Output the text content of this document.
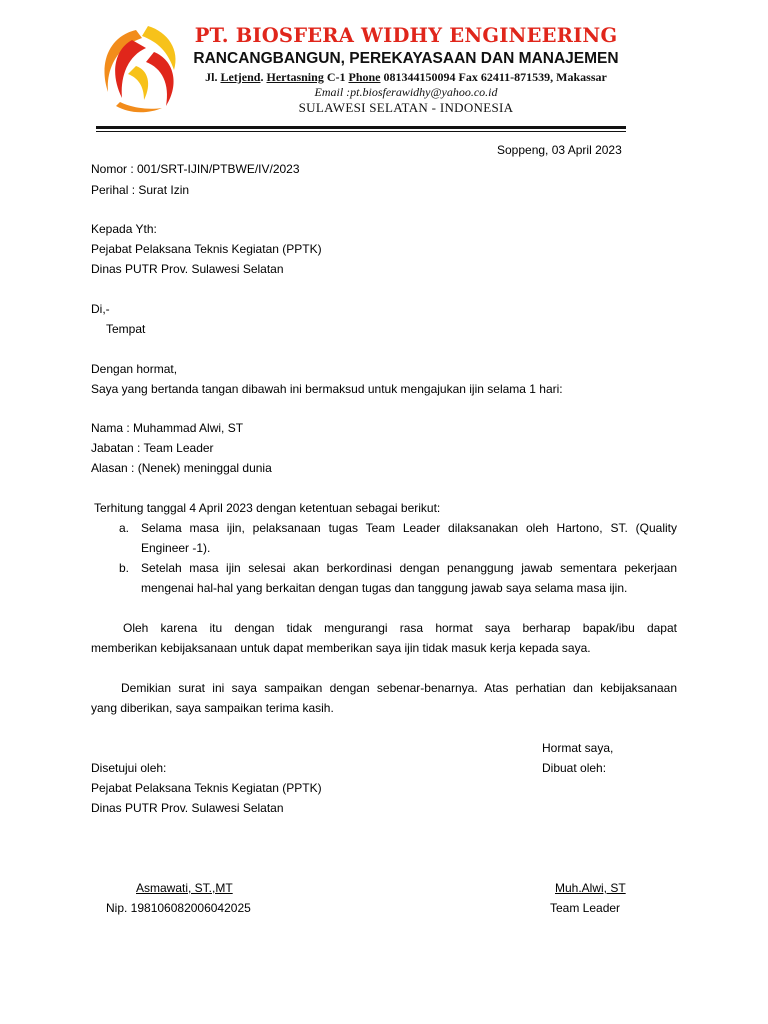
PT. BIOSFERA WIDHY ENGINEERING
RANCANGBANGUN, PEREKAYASAAN DAN MANAJEMEN
Jl. Letjend. Hertasning C-1 Phone 081344150094 Fax 62411-871539, Makassar
Email :pt.biosferawidhy@yahoo.co.id
SULAWESI SELATAN - INDONESIA
Soppeng, 03 April 2023
Nomor : 001/SRT-IJIN/PTBWE/IV/2023
Perihal : Surat Izin
Kepada Yth:
Pejabat Pelaksana Teknis Kegiatan (PPTK)
Dinas PUTR Prov. Sulawesi Selatan
Di,-
Tempat
Dengan hormat,
Saya yang bertanda tangan dibawah ini bermaksud untuk mengajukan ijin selama 1 hari:
Nama : Muhammad Alwi, ST
Jabatan : Team Leader
Alasan : (Nenek) meninggal dunia
Terhitung tanggal 4 April 2023 dengan ketentuan sebagai berikut:
a. Selama masa ijin, pelaksanaan tugas Team Leader dilaksanakan oleh Hartono, ST. (Quality
Engineer -1).
b. Setelah masa ijin selesai akan berkordinasi dengan penanggung jawab sementara pekerjaan
mengenai hal-hal yang berkaitan dengan tugas dan tanggung jawab saya selama masa ijin.
Oleh karena itu dengan tidak mengurangi rasa hormat saya berharap bapak/ibu dapat
memberikan kebijaksanaan untuk dapat memberikan saya ijin tidak masuk kerja kepada saya.
Demikian surat ini saya sampaikan dengan sebenar-benarnya. Atas perhatian dan kebijaksanaan
yang diberikan, saya sampaikan terima kasih.
Hormat saya,
Disetujui oleh:	Dibuat oleh:
Pejabat Pelaksana Teknis Kegiatan (PPTK)
Dinas PUTR Prov. Sulawesi Selatan
Asmawati, ST.,MT
Nip. 198106082006042025
Muh.Alwi, ST
Team Leader
